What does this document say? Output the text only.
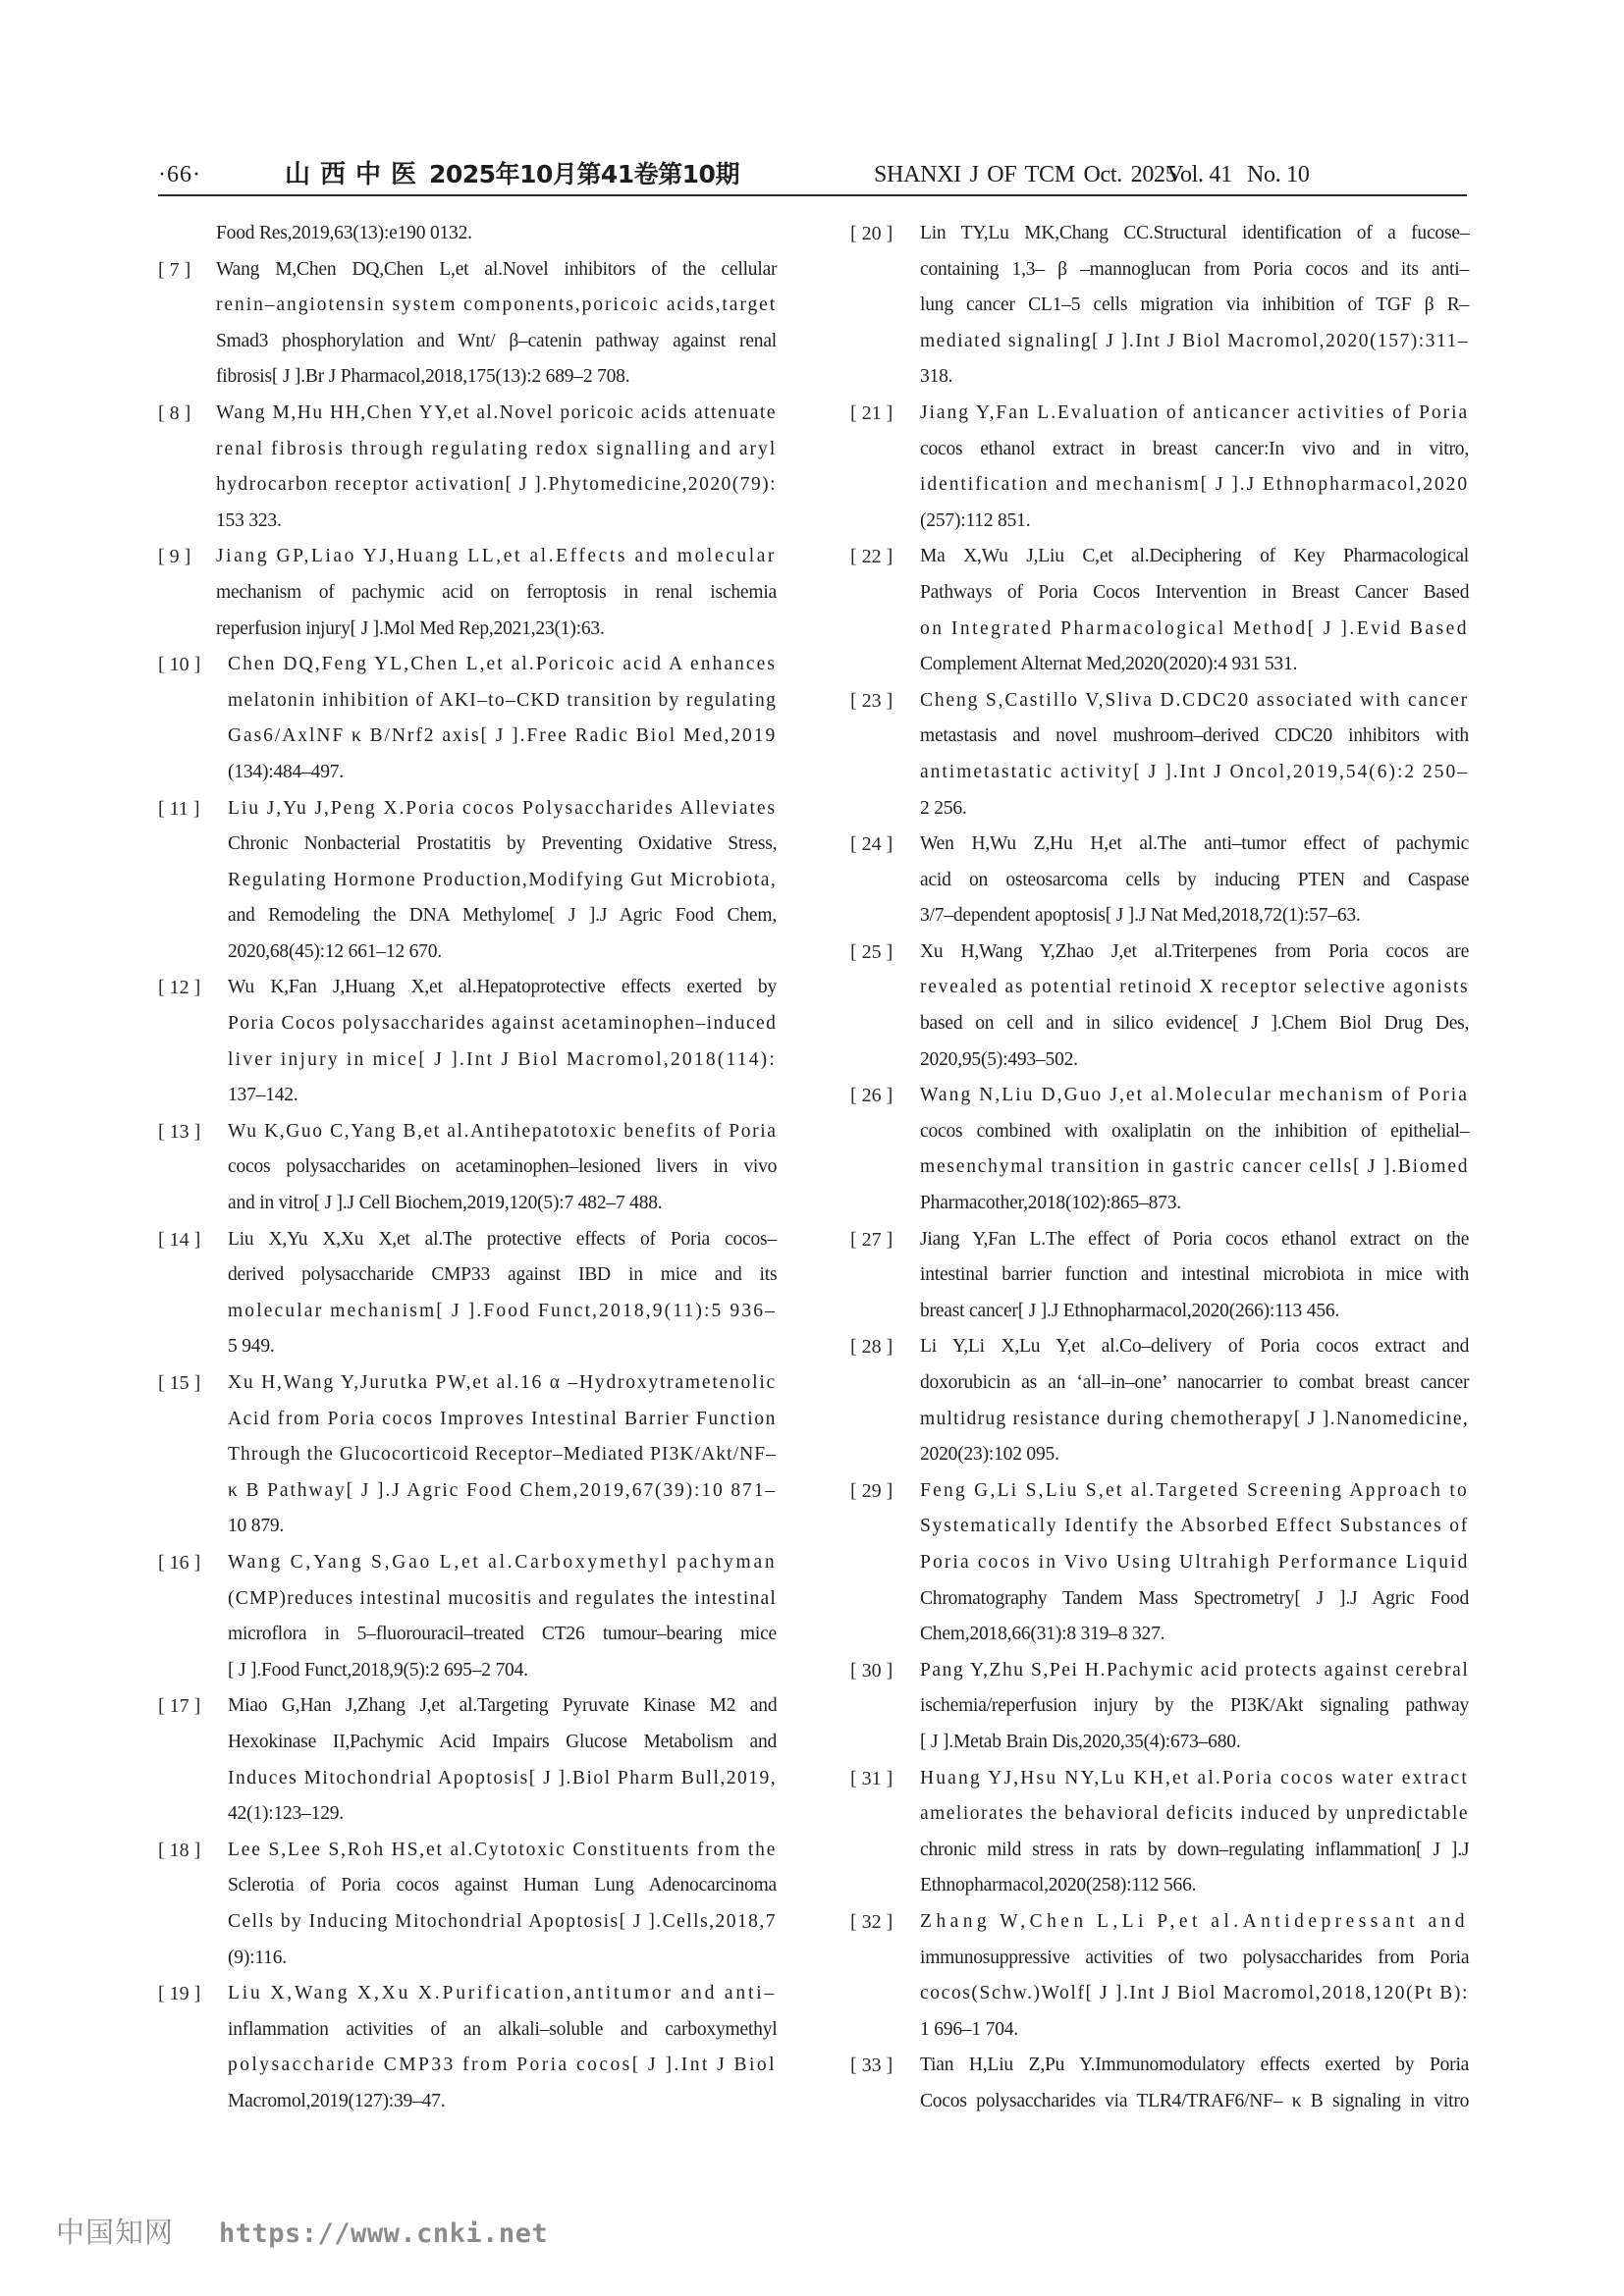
·66·	山西中医 2025年10月第41卷第10期	SHANXI J OF TCM Oct. 2025
Vol. 41 No. 10
Food Res,2019,63(13):e190 0132.
[ 7 ] Wang M,Chen DQ,Chen L,et al.Novel inhibitors of the cellular
renin–angiotensin system components,poricoic acids,target
Smad3 phosphorylation and Wnt/ β–catenin pathway against renal
fibrosis[ J ].Br J Pharmacol,2018,175(13):2 689–2 708.
[ 8 ] Wang M,Hu HH,Chen YY,et al.Novel poricoic acids attenuate
renal fibrosis through regulating redox signalling and aryl
hydrocarbon receptor activation[ J ].Phytomedicine,2020(79):
153 323.
[ 9 ] Jiang GP,Liao YJ,Huang LL,et al.Effects and molecular
mechanism of pachymic acid on ferroptosis in renal ischemia
reperfusion injury[ J ].Mol Med Rep,2021,23(1):63.
[ 10 ] Chen DQ,Feng YL,Chen L,et al.Poricoic acid A enhances
melatonin inhibition of AKI–to–CKD transition by regulating
Gas6/AxlNF κ B/Nrf2 axis[ J ].Free Radic Biol Med,2019
(134):484–497.
[ 11 ] Liu J,Yu J,Peng X.Poria cocos Polysaccharides Alleviates
Chronic Nonbacterial Prostatitis by Preventing Oxidative Stress,
Regulating Hormone Production,Modifying Gut Microbiota,
and Remodeling the DNA Methylome[ J ].J Agric Food Chem,
2020,68(45):12 661–12 670.
[ 12 ] Wu K,Fan J,Huang X,et al.Hepatoprotective effects exerted by
Poria Cocos polysaccharides against acetaminophen–induced
liver injury in mice[ J ].Int J Biol Macromol,2018(114):
137–142.
[ 13 ] Wu K,Guo C,Yang B,et al.Antihepatotoxic benefits of Poria
cocos polysaccharides on acetaminophen–lesioned livers in vivo
and in vitro[ J ].J Cell Biochem,2019,120(5):7 482–7 488.
[ 14 ] Liu X,Yu X,Xu X,et al.The protective effects of Poria cocos–
derived polysaccharide CMP33 against IBD in mice and its
molecular mechanism[ J ].Food Funct,2018,9(11):5 936–
5 949.
[ 15 ] Xu H,Wang Y,Jurutka PW,et al.16 α –Hydroxytrametenolic
Acid from Poria cocos Improves Intestinal Barrier Function
Through the Glucocorticoid Receptor–Mediated PI3K/Akt/NF–
κ B Pathway[ J ].J Agric Food Chem,2019,67(39):10 871–
10 879.
[ 16 ] Wang C,Yang S,Gao L,et al.Carboxymethyl pachyman
(CMP)reduces intestinal mucositis and regulates the intestinal
microflora in 5–fluorouracil–treated CT26 tumour–bearing mice
[ J ].Food Funct,2018,9(5):2 695–2 704.
[ 17 ] Miao G,Han J,Zhang J,et al.Targeting Pyruvate Kinase M2 and
Hexokinase II,Pachymic Acid Impairs Glucose Metabolism and
Induces Mitochondrial Apoptosis[ J ].Biol Pharm Bull,2019,
42(1):123–129.
[ 18 ] Lee S,Lee S,Roh HS,et al.Cytotoxic Constituents from the
Sclerotia of Poria cocos against Human Lung Adenocarcinoma
Cells by Inducing Mitochondrial Apoptosis[ J ].Cells,2018,7
(9):116.
[ 19 ] Liu X,Wang X,Xu X.Purification,antitumor and anti–
inflammation activities of an alkali–soluble and carboxymethyl
polysaccharide CMP33 from Poria cocos[ J ].Int J Biol
Macromol,2019(127):39–47.
[ 20 ] Lin TY,Lu MK,Chang CC.Structural identification of a fucose–
containing 1,3– β –mannoglucan from Poria cocos and its anti–
lung cancer CL1–5 cells migration via inhibition of TGF β R–
mediated signaling[ J ].Int J Biol Macromol,2020(157):311–
318.
[ 21 ] Jiang Y,Fan L.Evaluation of anticancer activities of Poria
cocos ethanol extract in breast cancer:In vivo and in vitro,
identification and mechanism[ J ].J Ethnopharmacol,2020
(257):112 851.
[ 22 ] Ma X,Wu J,Liu C,et al.Deciphering of Key Pharmacological
Pathways of Poria Cocos Intervention in Breast Cancer Based
on Integrated Pharmacological Method[ J ].Evid Based
Complement Alternat Med,2020(2020):4 931 531.
[ 23 ] Cheng S,Castillo V,Sliva D.CDC20 associated with cancer
metastasis and novel mushroom–derived CDC20 inhibitors with
antimetastatic activity[ J ].Int J Oncol,2019,54(6):2 250–
2 256.
[ 24 ] Wen H,Wu Z,Hu H,et al.The anti–tumor effect of pachymic
acid on osteosarcoma cells by inducing PTEN and Caspase
3/7–dependent apoptosis[ J ].J Nat Med,2018,72(1):57–63.
[ 25 ] Xu H,Wang Y,Zhao J,et al.Triterpenes from Poria cocos are
revealed as potential retinoid X receptor selective agonists
based on cell and in silico evidence[ J ].Chem Biol Drug Des,
2020,95(5):493–502.
[ 26 ] Wang N,Liu D,Guo J,et al.Molecular mechanism of Poria
cocos combined with oxaliplatin on the inhibition of epithelial–
mesenchymal transition in gastric cancer cells[ J ].Biomed
Pharmacother,2018(102):865–873.
[ 27 ] Jiang Y,Fan L.The effect of Poria cocos ethanol extract on the
intestinal barrier function and intestinal microbiota in mice with
breast cancer[ J ].J Ethnopharmacol,2020(266):113 456.
[ 28 ] Li Y,Li X,Lu Y,et al.Co–delivery of Poria cocos extract and
doxorubicin as an ‘all–in–one’ nanocarrier to combat breast cancer
multidrug resistance during chemotherapy[ J ].Nanomedicine,
2020(23):102 095.
[ 29 ] Feng G,Li S,Liu S,et al.Targeted Screening Approach to
Systematically Identify the Absorbed Effect Substances of
Poria cocos in Vivo Using Ultrahigh Performance Liquid
Chromatography Tandem Mass Spectrometry[ J ].J Agric Food
Chem,2018,66(31):8 319–8 327.
[ 30 ] Pang Y,Zhu S,Pei H.Pachymic acid protects against cerebral
ischemia/reperfusion injury by the PI3K/Akt signaling pathway
[ J ].Metab Brain Dis,2020,35(4):673–680.
[ 31 ] Huang YJ,Hsu NY,Lu KH,et al.Poria cocos water extract
ameliorates the behavioral deficits induced by unpredictable
chronic mild stress in rats by down–regulating inflammation[ J ].J
Ethnopharmacol,2020(258):112 566.
[ 32 ] Zhang W,Chen L,Li P,et al.Antidepressant and
immunosuppressive activities of two polysaccharides from Poria
cocos(Schw.)Wolf[ J ].Int J Biol Macromol,2018,120(Pt B):
1 696–1 704.
[ 33 ] Tian H,Liu Z,Pu Y.Immunomodulatory effects exerted by Poria
Cocos polysaccharides via TLR4/TRAF6/NF– κ B signaling in vitro
中国知网 https://www.cnki.net
